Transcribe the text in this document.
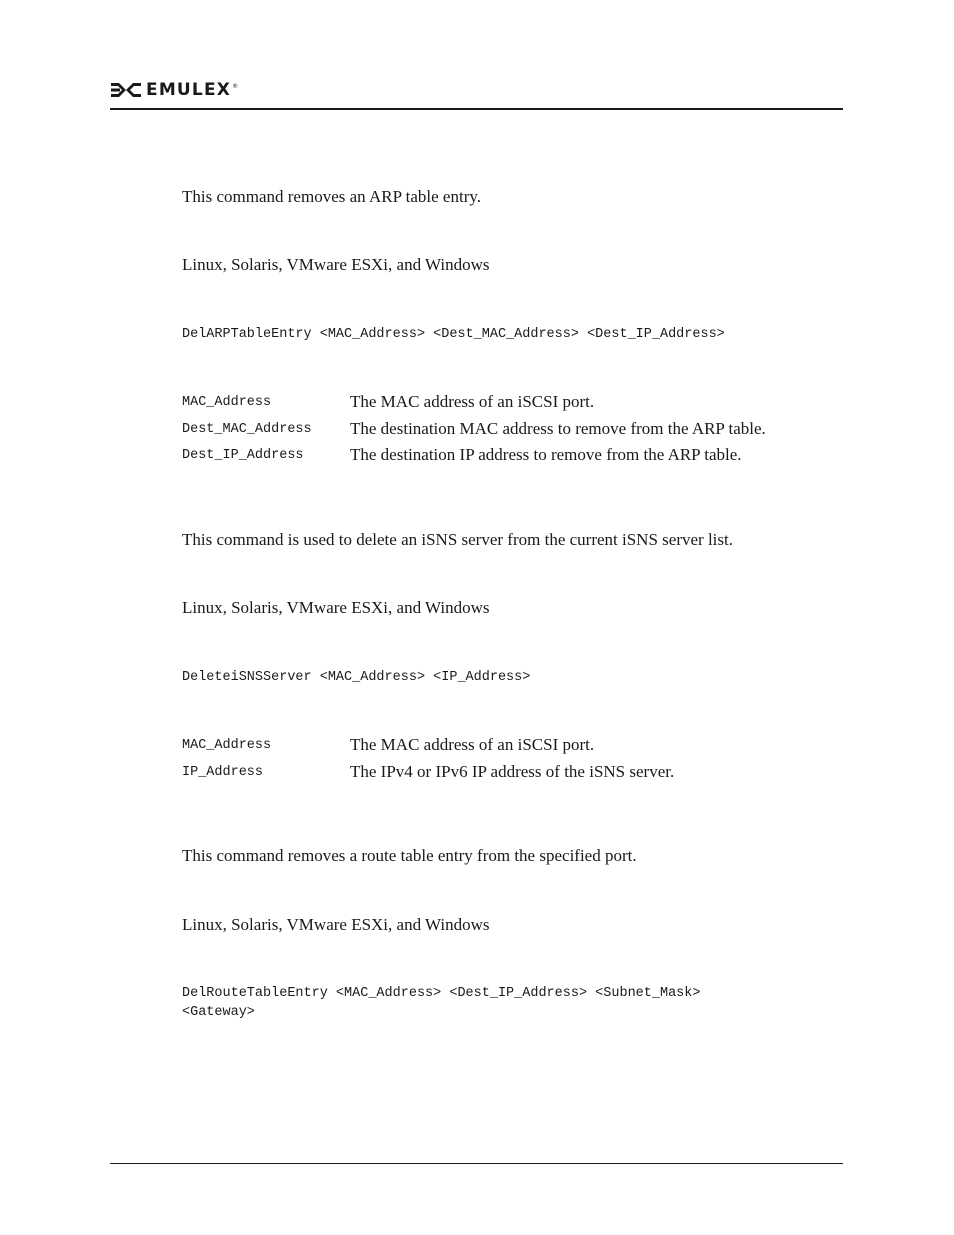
EMULEX ®
This command removes an ARP table entry.
Linux, Solaris, VMware ESXi, and Windows
DelARPTableEntry <MAC_Address> <Dest_MAC_Address> <Dest_IP_Address>
MAC_Address	The MAC address of an iSCSI port.
Dest_MAC_Address The destination MAC address to remove from the ARP table.
Dest_IP_Address	The destination IP address to remove from the ARP table.
This command is used to delete an iSNS server from the current iSNS server list.
Linux, Solaris, VMware ESXi, and Windows
DeleteiSNSServer <MAC_Address> <IP_Address>
MAC_Address	The MAC address of an iSCSI port.
IP_Address	The IPv4 or IPv6 IP address of the iSNS server.
This command removes a route table entry from the specified port.
Linux, Solaris, VMware ESXi, and Windows
DelRouteTableEntry <MAC_Address> <Dest_IP_Address> <Subnet_Mask>
<Gateway>
